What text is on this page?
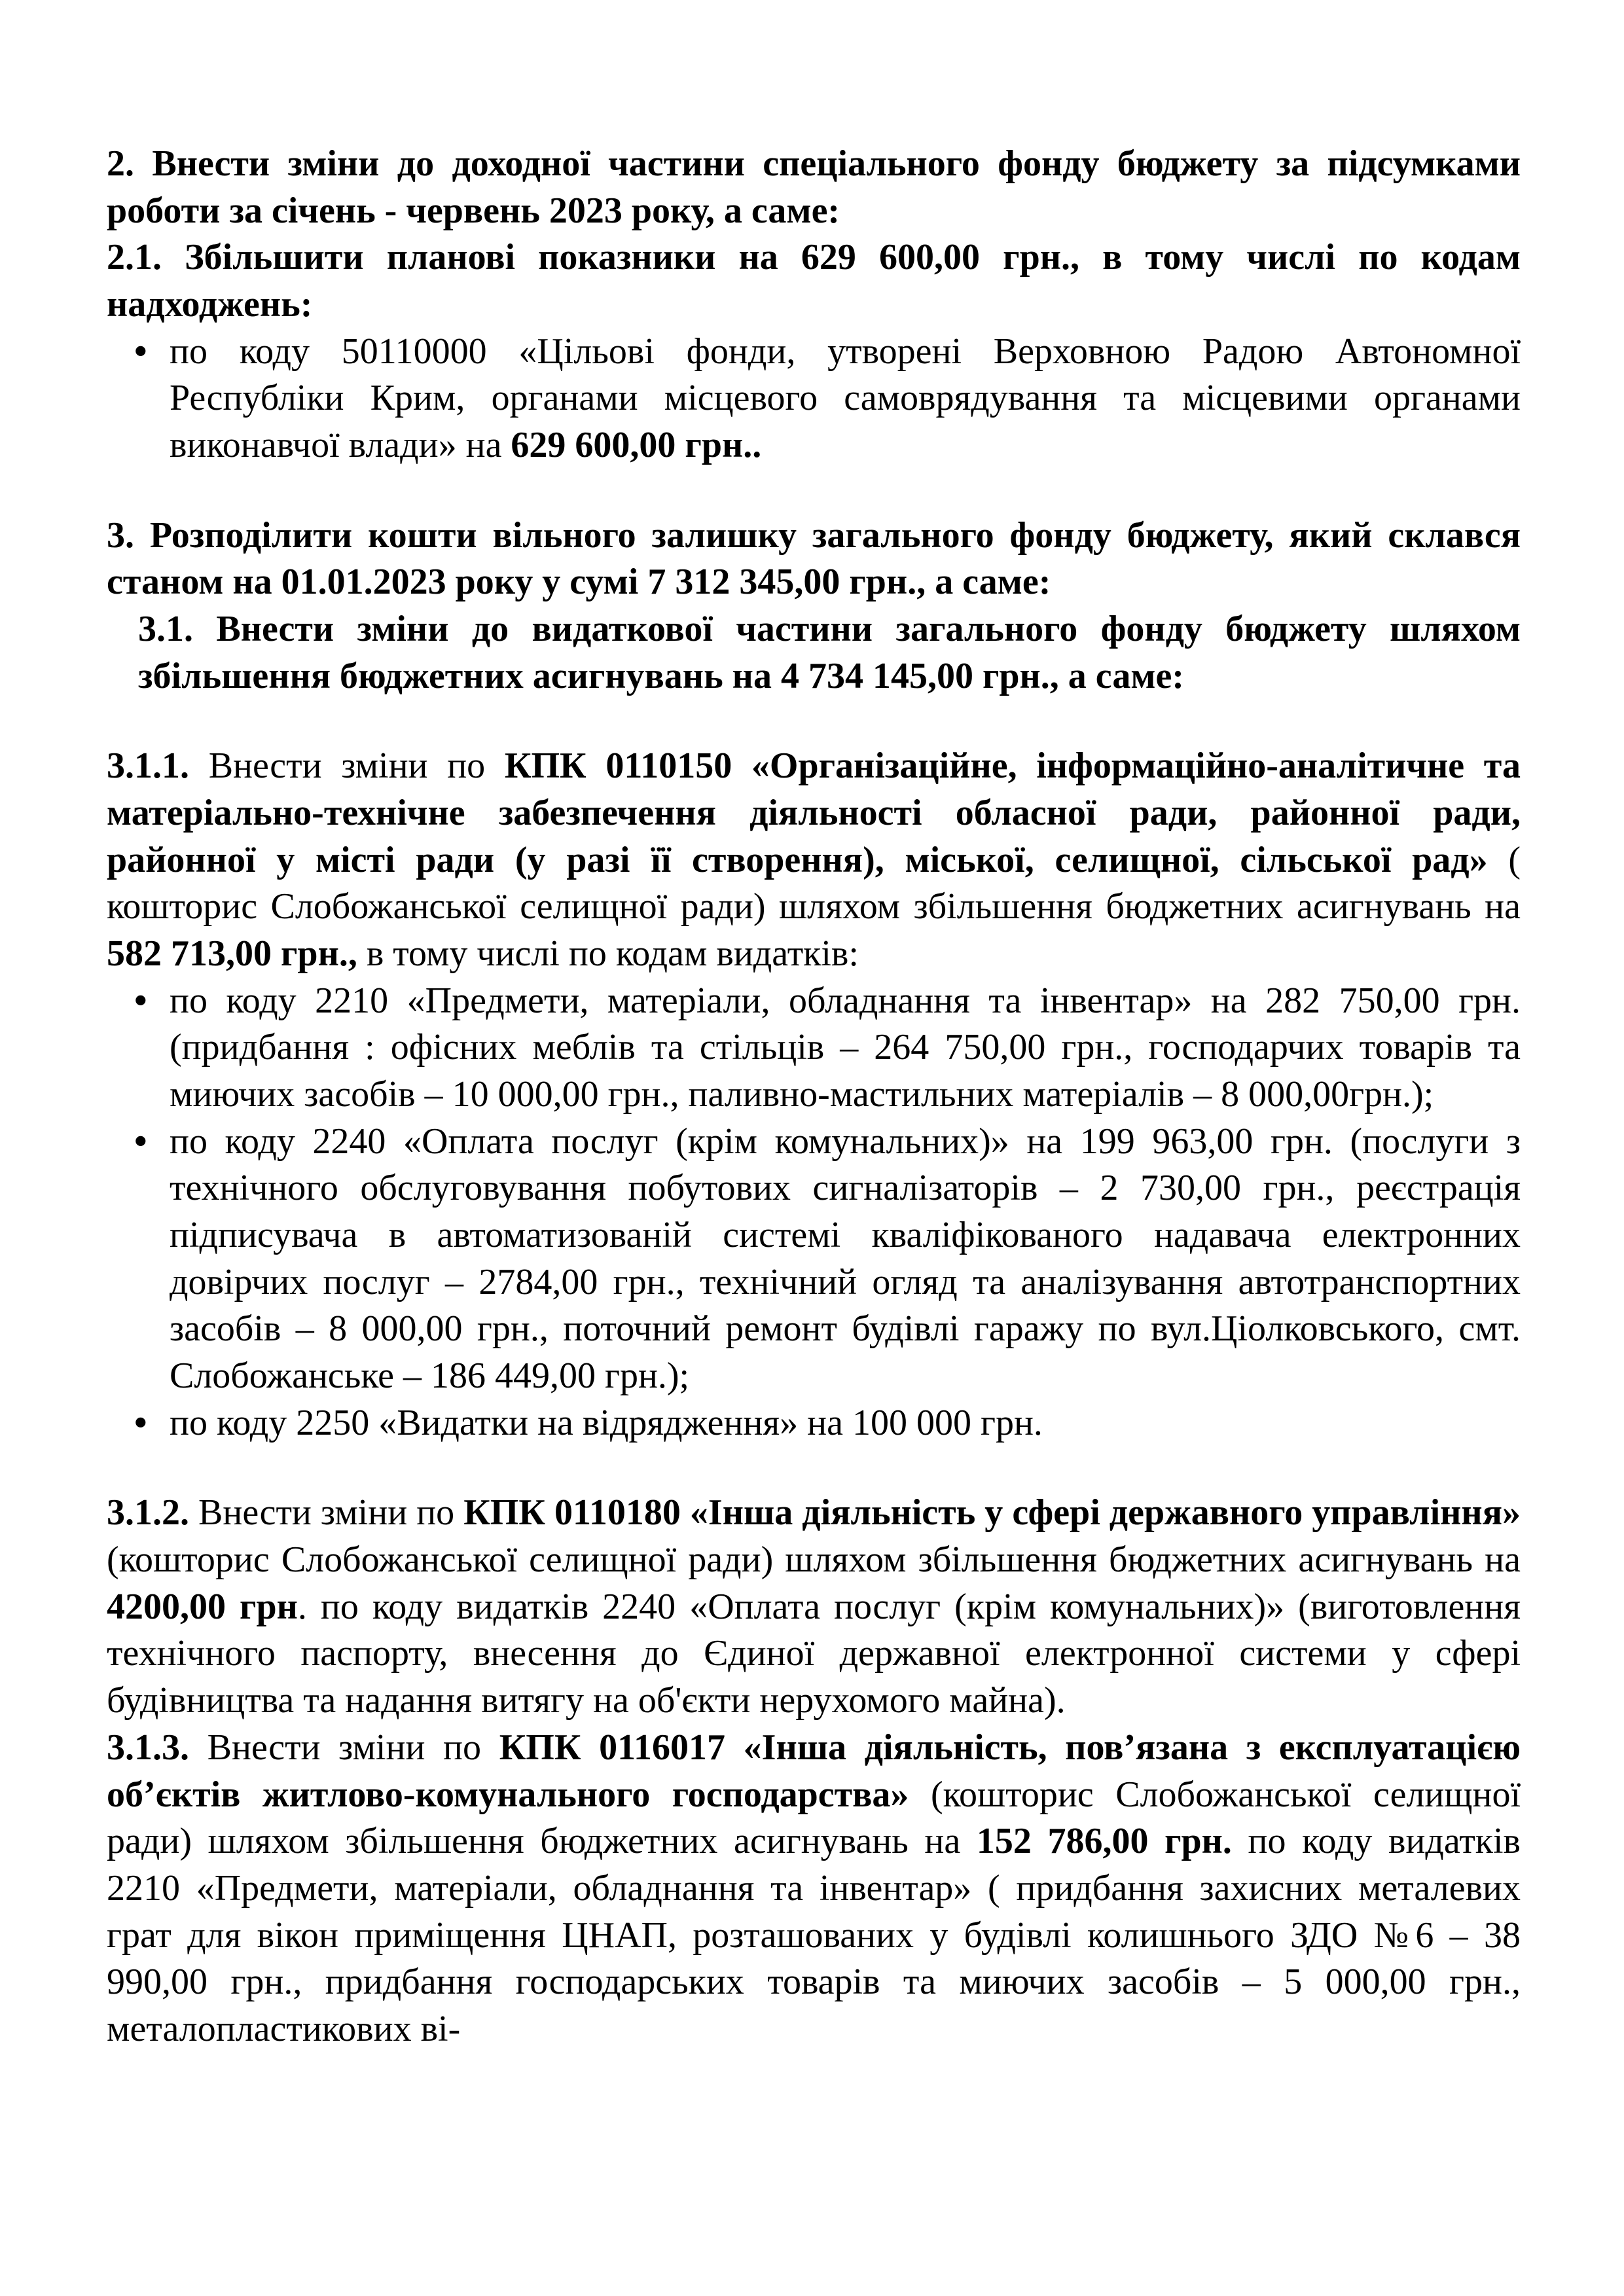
2. Внести зміни до доходної частини спеціального фонду бюджету за підсумками роботи за січень - червень 2023 року, а саме:

2.1. Збільшити планові показники на 629 600,00 грн., в тому числі по кодам надходжень:

• по коду 50110000 «Цільові фонди, утворені Верховною Радою Автономної Республіки Крим, органами місцевого самоврядування та місцевими органами виконавчої влади» на 629 600,00 грн..

3. Розподілити кошти вільного залишку загального фонду бюджету, який склався станом на 01.01.2023 року у сумі 7 312 345,00 грн., а саме:

3.1. Внести зміни до видаткової частини загального фонду бюджету шляхом збільшення бюджетних асигнувань на 4 734 145,00 грн., а саме:

3.1.1. Внести зміни по КПК 0110150 «Організаційне, інформаційно-аналітичне та матеріально-технічне забезпечення діяльності обласної ради, районної ради, районної у місті ради (у разі її створення), міської, селищної, сільської рад» ( кошторис Слобожанської селищної ради) шляхом збільшення бюджетних асигнувань на 582 713,00 грн., в тому числі по кодам видатків:

• по коду 2210 «Предмети, матеріали, обладнання та інвентар» на 282 750,00 грн. (придбання : офісних меблів та стільців – 264 750,00 грн., господарчих товарів та миючих засобів – 10 000,00 грн., паливно-мастильних матеріалів – 8 000,00грн.);
• по коду 2240 «Оплата послуг (крім комунальних)» на 199 963,00 грн. (послуги з технічного обслуговування побутових сигналізаторів – 2 730,00 грн., реєстрація підписувача в автоматизованій системі кваліфікованого надавача електронних довірчих послуг – 2784,00 грн., технічний огляд та аналізування автотранспортних засобів – 8 000,00 грн., поточний ремонт будівлі гаражу по вул.Ціолковського, смт. Слобожанське – 186 449,00 грн.);
• по коду 2250 «Видатки на відрядження» на 100 000 грн.

3.1.2. Внести зміни по КПК 0110180 «Інша діяльність у сфері державного управління» (кошторис Слобожанської селищної ради) шляхом збільшення бюджетних асигнувань на 4200,00 грн. по коду видатків 2240 «Оплата послуг (крім комунальних)» (виготовлення технічного паспорту, внесення до Єдиної державної електронної системи у сфері будівництва та надання витягу на об'єкти нерухомого майна).

3.1.3. Внести зміни по КПК 0116017 «Інша діяльність, пов’язана з експлуатацією об’єктів житлово-комунального господарства» (кошторис Слобожанської селищної ради) шляхом збільшення бюджетних асигнувань на 152 786,00 грн. по коду видатків 2210 «Предмети, матеріали, обладнання та інвентар» ( придбання захисних металевих грат для вікон приміщення ЦНАП, розташованих у будівлі колишнього ЗДО №6 – 38 990,00 грн., придбання господарських товарів та миючих засобів – 5 000,00 грн., металопластикових ві-
